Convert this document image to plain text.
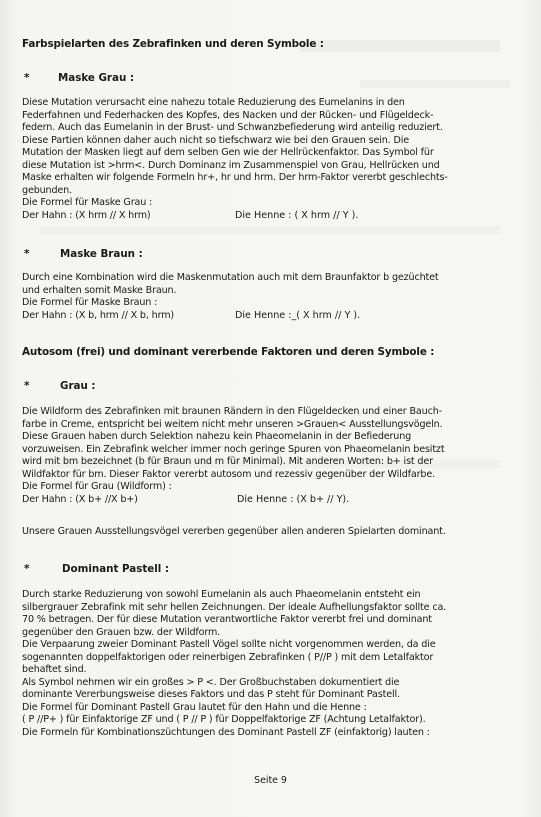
Farbspielarten des Zebrafinken und deren Symbole :
*	Maske Grau :
Diese Mutation verursacht eine nahezu totale Reduzierung des Eumelanins in den
Federfahnen und Federhacken des Kopfes, des Nacken und der Rücken- und Flügeldeck-
federn. Auch das Eumelanin in der Brust- und Schwanzbefiederung wird anteilig reduziert.
Diese Partien können daher auch nicht so tiefschwarz wie bei den Grauen sein. Die
Mutation der Masken liegt auf dem selben Gen wie der Hellrückenfaktor. Das Symbol für
diese Mutation ist >hrm<. Durch Dominanz im Zusammenspiel von Grau, Hellrücken und
Maske erhalten wir folgende Formeln hr+, hr und hrm. Der hrm-Faktor vererbt geschlechts-
gebunden.
Die Formel für Maske Grau :
Der Hahn : (X hrm // X hrm)	Die Henne : ( X hrm // Y ).
*	Maske Braun :
Durch eine Kombination wird die Maskenmutation auch mit dem Braunfaktor b gezüchtet
und erhalten somit Maske Braun.
Die Formel für Maske Braun :
Der Hahn : (X b, hrm // X b, hrm)	Die Henne :_( X hrm // Y ).
Autosom (frei) und dominant vererbende Faktoren und deren Symbole :
*	Grau :
Die Wildform des Zebrafinken mit braunen Rändern in den Flügeldecken und einer Bauch-
farbe in Creme, entspricht bei weitem nicht mehr unseren >Grauen< Ausstellungsvögeln.
Diese Grauen haben durch Selektion nahezu kein Phaeomelanin in der Befiederung
vorzuweisen. Ein Zebrafink welcher immer noch geringe Spuren von Phaeomelanin besitzt
wird mit bm bezeichnet (b für Braun und m für Minimal). Mit anderen Worten: b+ ist der
Wildfaktor für bm. Dieser Faktor vererbt autosom und rezessiv gegenüber der Wildfarbe.
Die Formel für Grau (Wildform) :
Der Hahn : (X b+ //X b+)	Die Henne : (X b+ // Y).
Unsere Grauen Ausstellungsvögel vererben gegenüber allen anderen Spielarten dominant.
*	Dominant Pastell :
Durch starke Reduzierung von sowohl Eumelanin als auch Phaeomelanin entsteht ein
silbergrauer Zebrafink mit sehr hellen Zeichnungen. Der ideale Aufhellungsfaktor sollte ca.
70 % betragen. Der für diese Mutation verantwortliche Faktor vererbt frei und dominant
gegenüber den Grauen bzw. der Wildform.
Die Verpaarung zweier Dominant Pastell Vögel sollte nicht vorgenommen werden, da die
sogenannten doppelfaktorigen oder reinerbigen Zebrafinken ( P//P ) mit dem Letalfaktor
behaftet sind.
Als Symbol nehmen wir ein großes > P <. Der Großbuchstaben dokumentiert die
dominante Vererbungsweise dieses Faktors und das P steht für Dominant Pastell.
Die Formel für Dominant Pastell Grau lautet für den Hahn und die Henne :
( P //P+ ) für Einfaktorige ZF und ( P // P ) für Doppelfaktorige ZF (Achtung Letalfaktor).
Die Formeln für Kombinationszüchtungen des Dominant Pastell ZF (einfaktorig) lauten :
Seite 9
